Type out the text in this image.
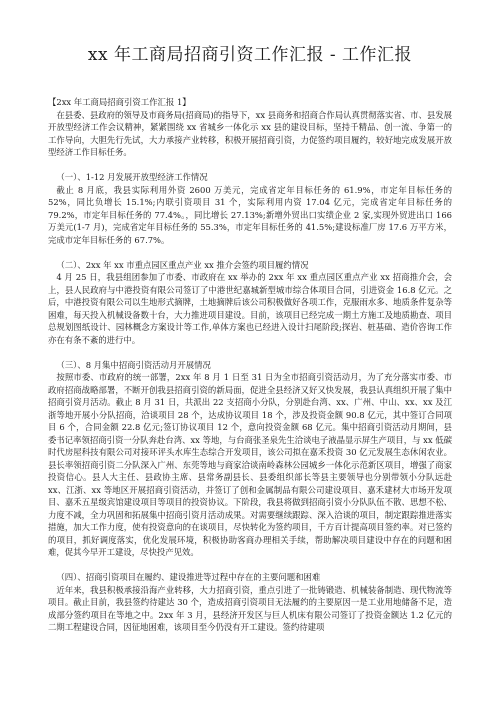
xx 年工商局招商引资工作汇报 - 工作汇报

【2xx 年工商局招商引资工作汇报 1】

在县委、县政府的领导及市商务局(招商局)的指导下，xx 县商务和招商合作局认真贯彻落实省、市、县发展开放型经济工作会议精神，紧紧围绕 xx 省城乡一体化示 xx 县的建设目标，坚持千精品、创一流、争第一的工作导向，大胆先行先试，大力承接产业转移，积极开展招商引资，力促签约项目履约，较好地完成发展开放型经济工作目标任务。

（一）、1-12 月发展开放型经济工作情况

截止 8 月底，我县实际利用外资 2600 万美元，完成省定年目标任务的 61.9%，市定年目标任务的 52%，同比负增长 15.1%;内联引资项目 31 个，实际利用内资 17.04 亿元，完成省定年目标任务的 79.2%，市定年目标任务的 77.4%。，同比增长 27.13%;新增外贸出口实绩企业 2 家,实现外贸进出口 166 万美元(1-7 月)，完成省定年目标任务的 55.3%，市定年目标任务的 41.5%;建设标准厂房 17.6 万平方米，完成市定年目标任务的 67.7%。

（二）、2xx 年 xx 市重点园区重点产业 xx 推介会签约项目履约情况

4 月 25 日，我县组团参加了市委、市政府在 xx 举办的 2xx 年 xx 重点园区重点产业 xx 招商推介会，会上，县人民政府与中港投资有限公司签订了中港世纪嘉城新型城市综合体项目合同，引进资金 16.8 亿元。之后，中港投资有限公司以生地形式摘牌，土地摘牌后该公司积极做好各项工作，克服雨水多、地质条件复杂等困难，每天投入机械设备数十台，大力推进项目建设。目前，该项目已经完成一期土方施工及地质勘查、项目总规划图纸设计、园林概念方案设计等工作,单体方案也已经进入设计扫尾阶段;探岩、桩基础、造价咨询工作亦在有条不紊的进行中。

（三）、8 月集中招商引资活动月开展情况

按照市委、市政府的统一部署，2xx 年 8 月 1 日至 31 日为全市招商引资活动月，为了充分落实市委、市政府招商战略部署，不断开创我县招商引资的新局面，促进全县经济又好又快发展，我县认真组织开展了集中招商引资月活动。截止 8 月 31 日，共派出 22 支招商小分队，分别赴台湾、xx、广州、中山、xx、xx 及江浙等地开展小分队招商，洽谈项目 28 个，达成协议项目 18 个，涉及投资金额 90.8 亿元，其中签订合同项目 6 个，合同金额 22.8 亿元;签订协议项目 12 个，意向投资金额 68 亿元。集中招商引资活动月期间，县委书记率领招商引资一分队奔赴台湾、xx 等地，与台商张圣泉先生洽谈电子液晶显示屏生产项目，与 xx 低碳时代房屋科技有限公司对接环评头水库生态综合开发项目，该公司拟在嘉禾投资 30 亿元发展生态休闲农业。县长率领招商引资二分队深入广州、东莞等地与商家洽谈南岭森林公园城乡一体化示范新区项目，增强了商家投资信心。县人大主任、县政协主席、县常务副县长、县委组织部长等县主要领导也分别带领小分队远赴 xx、江浙、xx 等地区开展招商引资活动，并签订了创和金属制品有限公司建设项目、嘉禾建材大市场开发项目、嘉禾五星级宾馆建设项目等项目的投资协议。下阶段，我县将做到招商引资小分队队伍不散、思想不松、力度不减，全力巩固和拓展集中招商引资月活动成果。对需要继续跟踪、深入洽谈的项目，制定跟踪推进落实措施，加大工作力度，使有投资意向的在谈项目，尽快转化为签约项目，千方百计提高项目签约率。对已签约的项目，抓好调度落实，优化发展环境，积极协助客商办理相关手续，帮助解决项目建设中存在的问题和困难，促其今早开工建设，尽快投产见效。

（四）、招商引资项目在履约、建设推进等过程中存在的主要问题和困难

近年来，我县积极承接沿海产业转移，大力招商引资，重点引进了一批铸锻造、机械装备制造、现代物流等项目。截止目前，我县签约待建达 30 个，造成招商引资项目无法履约的主要原因一是工业用地储备不足，造成部分签约项目在等地之中。2xx 年 3 月，县经济开发区与巨人机床有限公司签订了投资金额达 1.2 亿元的二期工程建设合同，因征地困难，该项目至今仍没有开工建设。签约待建项
